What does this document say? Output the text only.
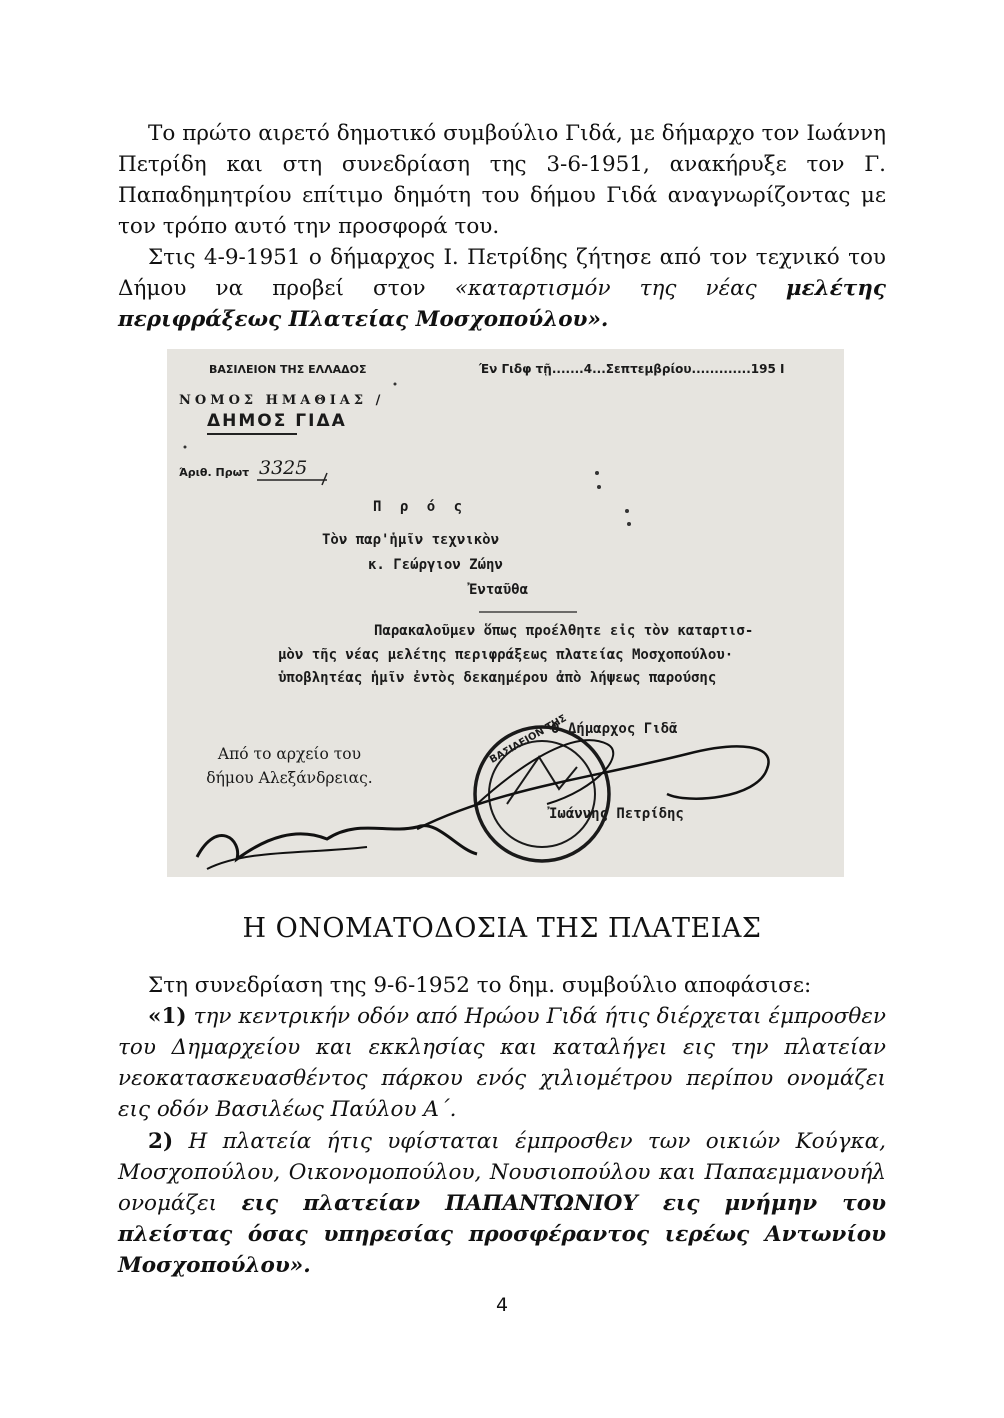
Το πρώτο αιρετό δημοτικό συμβούλιο Γιδά, με δήμαρχο τον Ιωάννη Πετρίδη και στη συνεδρίαση της 3-6-1951, ανακήρυξε τον Γ. Παπαδημητρίου επίτιμο δημότη του δήμου Γιδά αναγνωρίζοντας με τον τρόπο αυτό την προσφορά του.

Στις 4-9-1951 ο δήμαρχος Ι. Πετρίδης ζήτησε από τον τεχνικό του Δήμου να προβεί στον «καταρτισμόν της νέας μελέτης περιφράξεως Πλατείας Μοσχοπούλου».

ΒΑΣΙΛΕΙΟΝ ΤΗΣ ΕΛΛΑΔΟΣ	Έν Γιδφ τῇ.......4...Σεπτεμβρίου.............195 Ι
ΝΟΜΟΣ ΗΜΑΘΙΑΣ /
ΔΗΜΟΣ ΓΙΔΑ
Άριθ. Πρωτ 3325
Π ρ ό ς
Τὸν παρ'ἡμῖν τεχνικὸν
κ. Γεώργιον Ζώην
Ἐνταῦθα
Παρακαλοῦμεν ὅπως προέλθητε εἰς τὸν καταρτισ-
μὸν τῆς νέας μελέτης περιφράξεως πλατείας Μοσχοπούλου·
ὑποβλητέας ἡμῖν ἐντὸς δεκαημέρου ἀπὸ λήψεως παρούσης
Ο Δήμαρχος Γιδᾶ
Ἰωάννης Πετρίδης
ΒΑΣΙΛΕΙΟΝ ΤΗΣ
Από το αρχείο του
δήμου Αλεξάνδρειας.
Η ΟΝΟΜΑΤΟΔΟΣΙΑ ΤΗΣ ΠΛΑΤΕΙΑΣ

Στη συνεδρίαση της 9-6-1952 το δημ. συμβούλιο αποφάσισε:

«1) την κεντρικήν οδόν από Ηρώου Γιδά ήτις διέρχεται έμπροσθεν του Δημαρχείου και εκκλησίας και καταλήγει εις την πλατείαν νεοκατασκευασθέντος πάρκου ενός χιλιομέτρου περίπου ονομάζει εις οδόν Βασιλέως Παύλου Α΄.

2) Η πλατεία ήτις υφίσταται έμπροσθεν των οικιών Κούγκα, Μοσχοπούλου, Οικονομοπούλου, Νουσιοπούλου και Παπαεμμανουήλ ονομάζει εις πλατείαν ΠΑΠΑΝΤΩΝΙΟΥ εις μνήμην του πλείστας όσας υπηρεσίας προσφέραντος ιερέως Αντωνίου Μοσχοπούλου».

4
